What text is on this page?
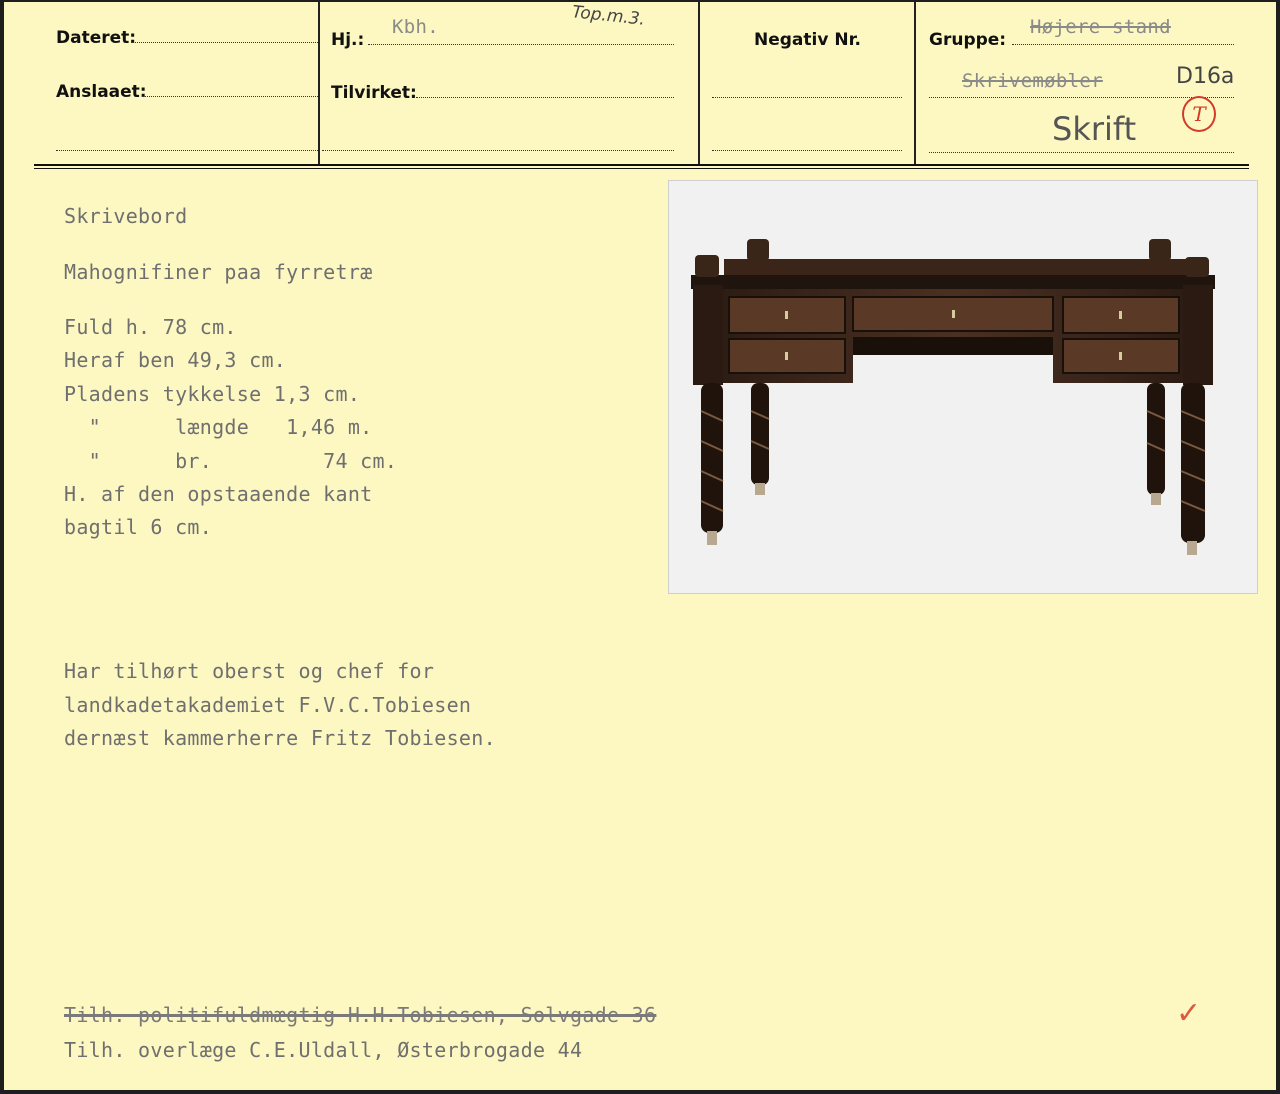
Dateret:
Anslaaet:
Hj.:
Kbh.	Top.m.3.
Tilvirket:
Negativ Nr.	Gruppe:
Højere stand
Skrivemøbler	D16a
Skrift	T
Skrivebord
Mahognifiner paa fyrretræ
Fuld h. 78 cm.
Heraf ben 49,3 cm.
Pladens tykkelse 1,3 cm.
"      længde   1,46 m.
"      br.         74 cm.
H. af den opstaaende kant
bagtil 6 cm.
Har tilhørt oberst og chef for
landkadetakademiet F.V.C.Tobiesen
dernæst kammerherre Fritz Tobiesen.
Tilh. politifuldmægtig H.H.Tobiesen, Solvgade 36
Tilh. overlæge C.E.Uldall, Østerbrogade 44
✓
